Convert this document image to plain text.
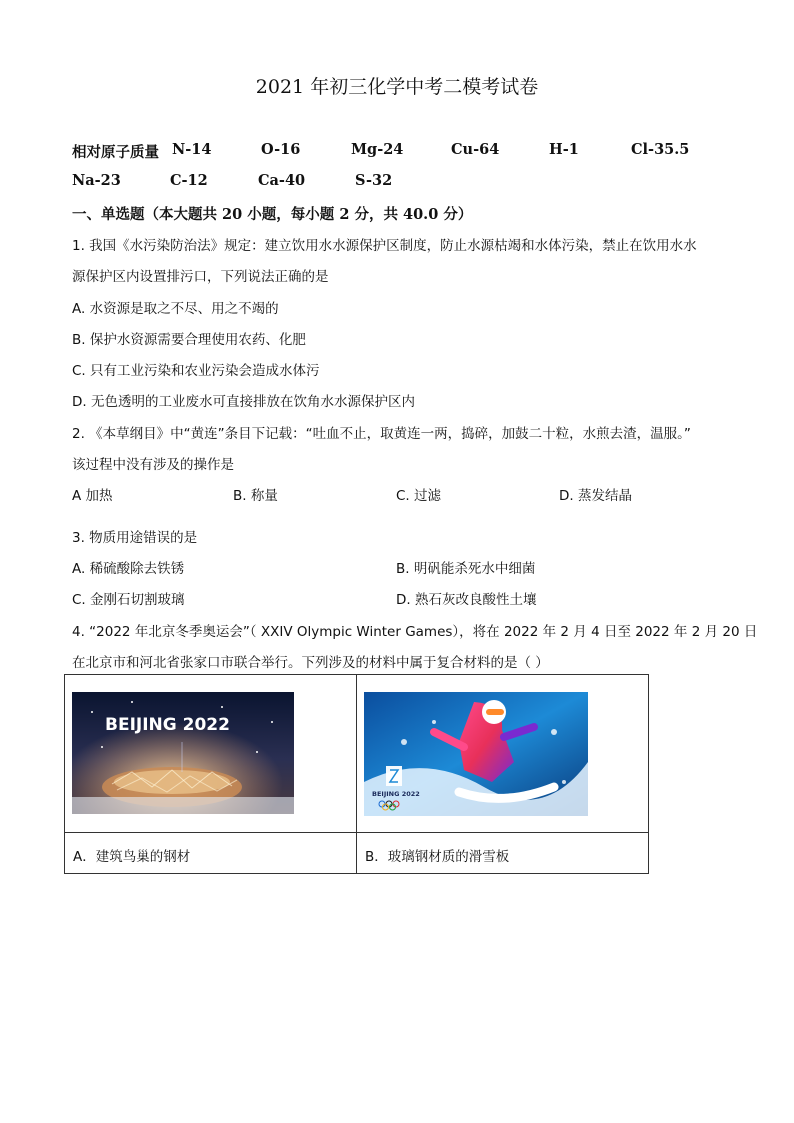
2021 年初三化学中考二模考试卷
相对原子质量 N-14	O-16	Mg-24	Cu-64	H-1	Cl-35.5
Na-23	C-12	Ca-40	S-32
一、单选题（本大题共 20 小题，每小题 2 分，共 40.0 分）
1. 我国《水污染防治法》规定：建立饮用水水源保护区制度，防止水源枯竭和水体污染，禁止在饮用水水
源保护区内设置排污口，下列说法正确的是
A. 水资源是取之不尽、用之不竭的
B. 保护水资源需要合理使用农药、化肥
C. 只有工业污染和农业污染会造成水体污
D. 无色透明的工业废水可直接排放在饮角水水源保护区内
2. 《本草纲目》中“黄连”条目下记载：“吐血不止，取黄连一两，捣碎，加鼓二十粒，水煎去渣，温服。”
该过程中没有涉及的操作是
A 加热	B. 称量	C. 过滤	D. 蒸发结晶
3. 物质用途错误的是
A. 稀硫酸除去铁锈	B. 明矾能杀死水中细菌
C. 金刚石切割玻璃	D. 熟石灰改良酸性土壤
4. “2022 年北京冬季奥运会”（ XXIV Olympic Winter Games），将在 2022 年 2 月 4 日至 2022 年 2 月 20 日
在北京市和河北省张家口市联合举行。下列涉及的材料中属于复合材料的是（ ）
BEIJING 2022	BEIJING 2022

A．建筑鸟巢的钢材	B．玻璃钢材质的滑雪板
